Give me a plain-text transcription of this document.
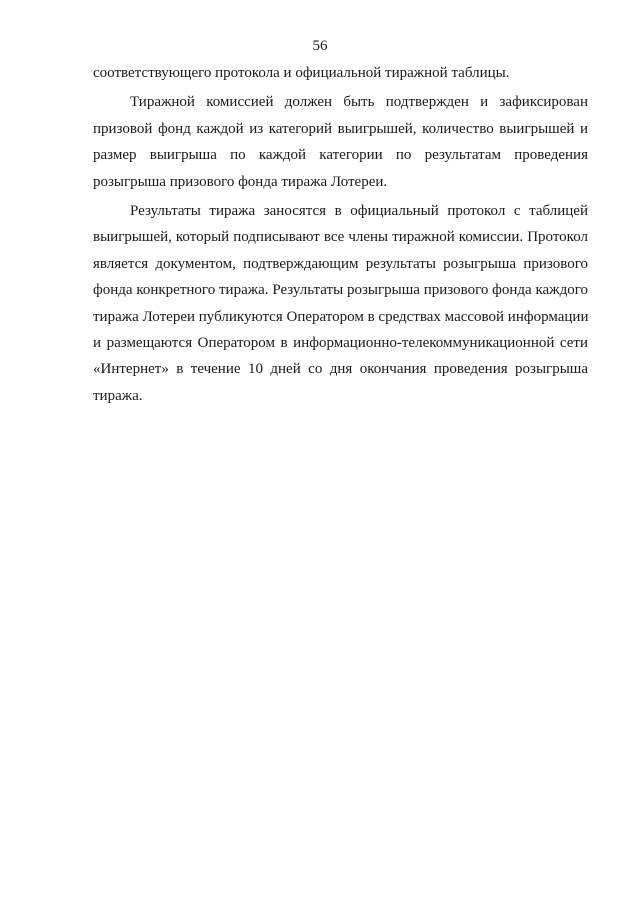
56
соответствующего протокола и официальной тиражной таблицы.
Тиражной комиссией должен быть подтвержден и зафиксирован
призовой фонд каждой из категорий выигрышей, количество выигрышей и
размер выигрыша по каждой категории по результатам проведения
розыгрыша призового фонда тиража Лотереи.
Результаты тиража заносятся в официальный протокол с таблицей
выигрышей, который подписывают все члены тиражной комиссии. Протокол
является документом, подтверждающим результаты розыгрыша призового
фонда конкретного тиража. Результаты розыгрыша призового фонда каждого
тиража Лотереи публикуются Оператором в средствах массовой информации
и размещаются Оператором в информационно-телекоммуникационной сети
«Интернет» в течение 10 дней со дня окончания проведения розыгрыша
тиража.
